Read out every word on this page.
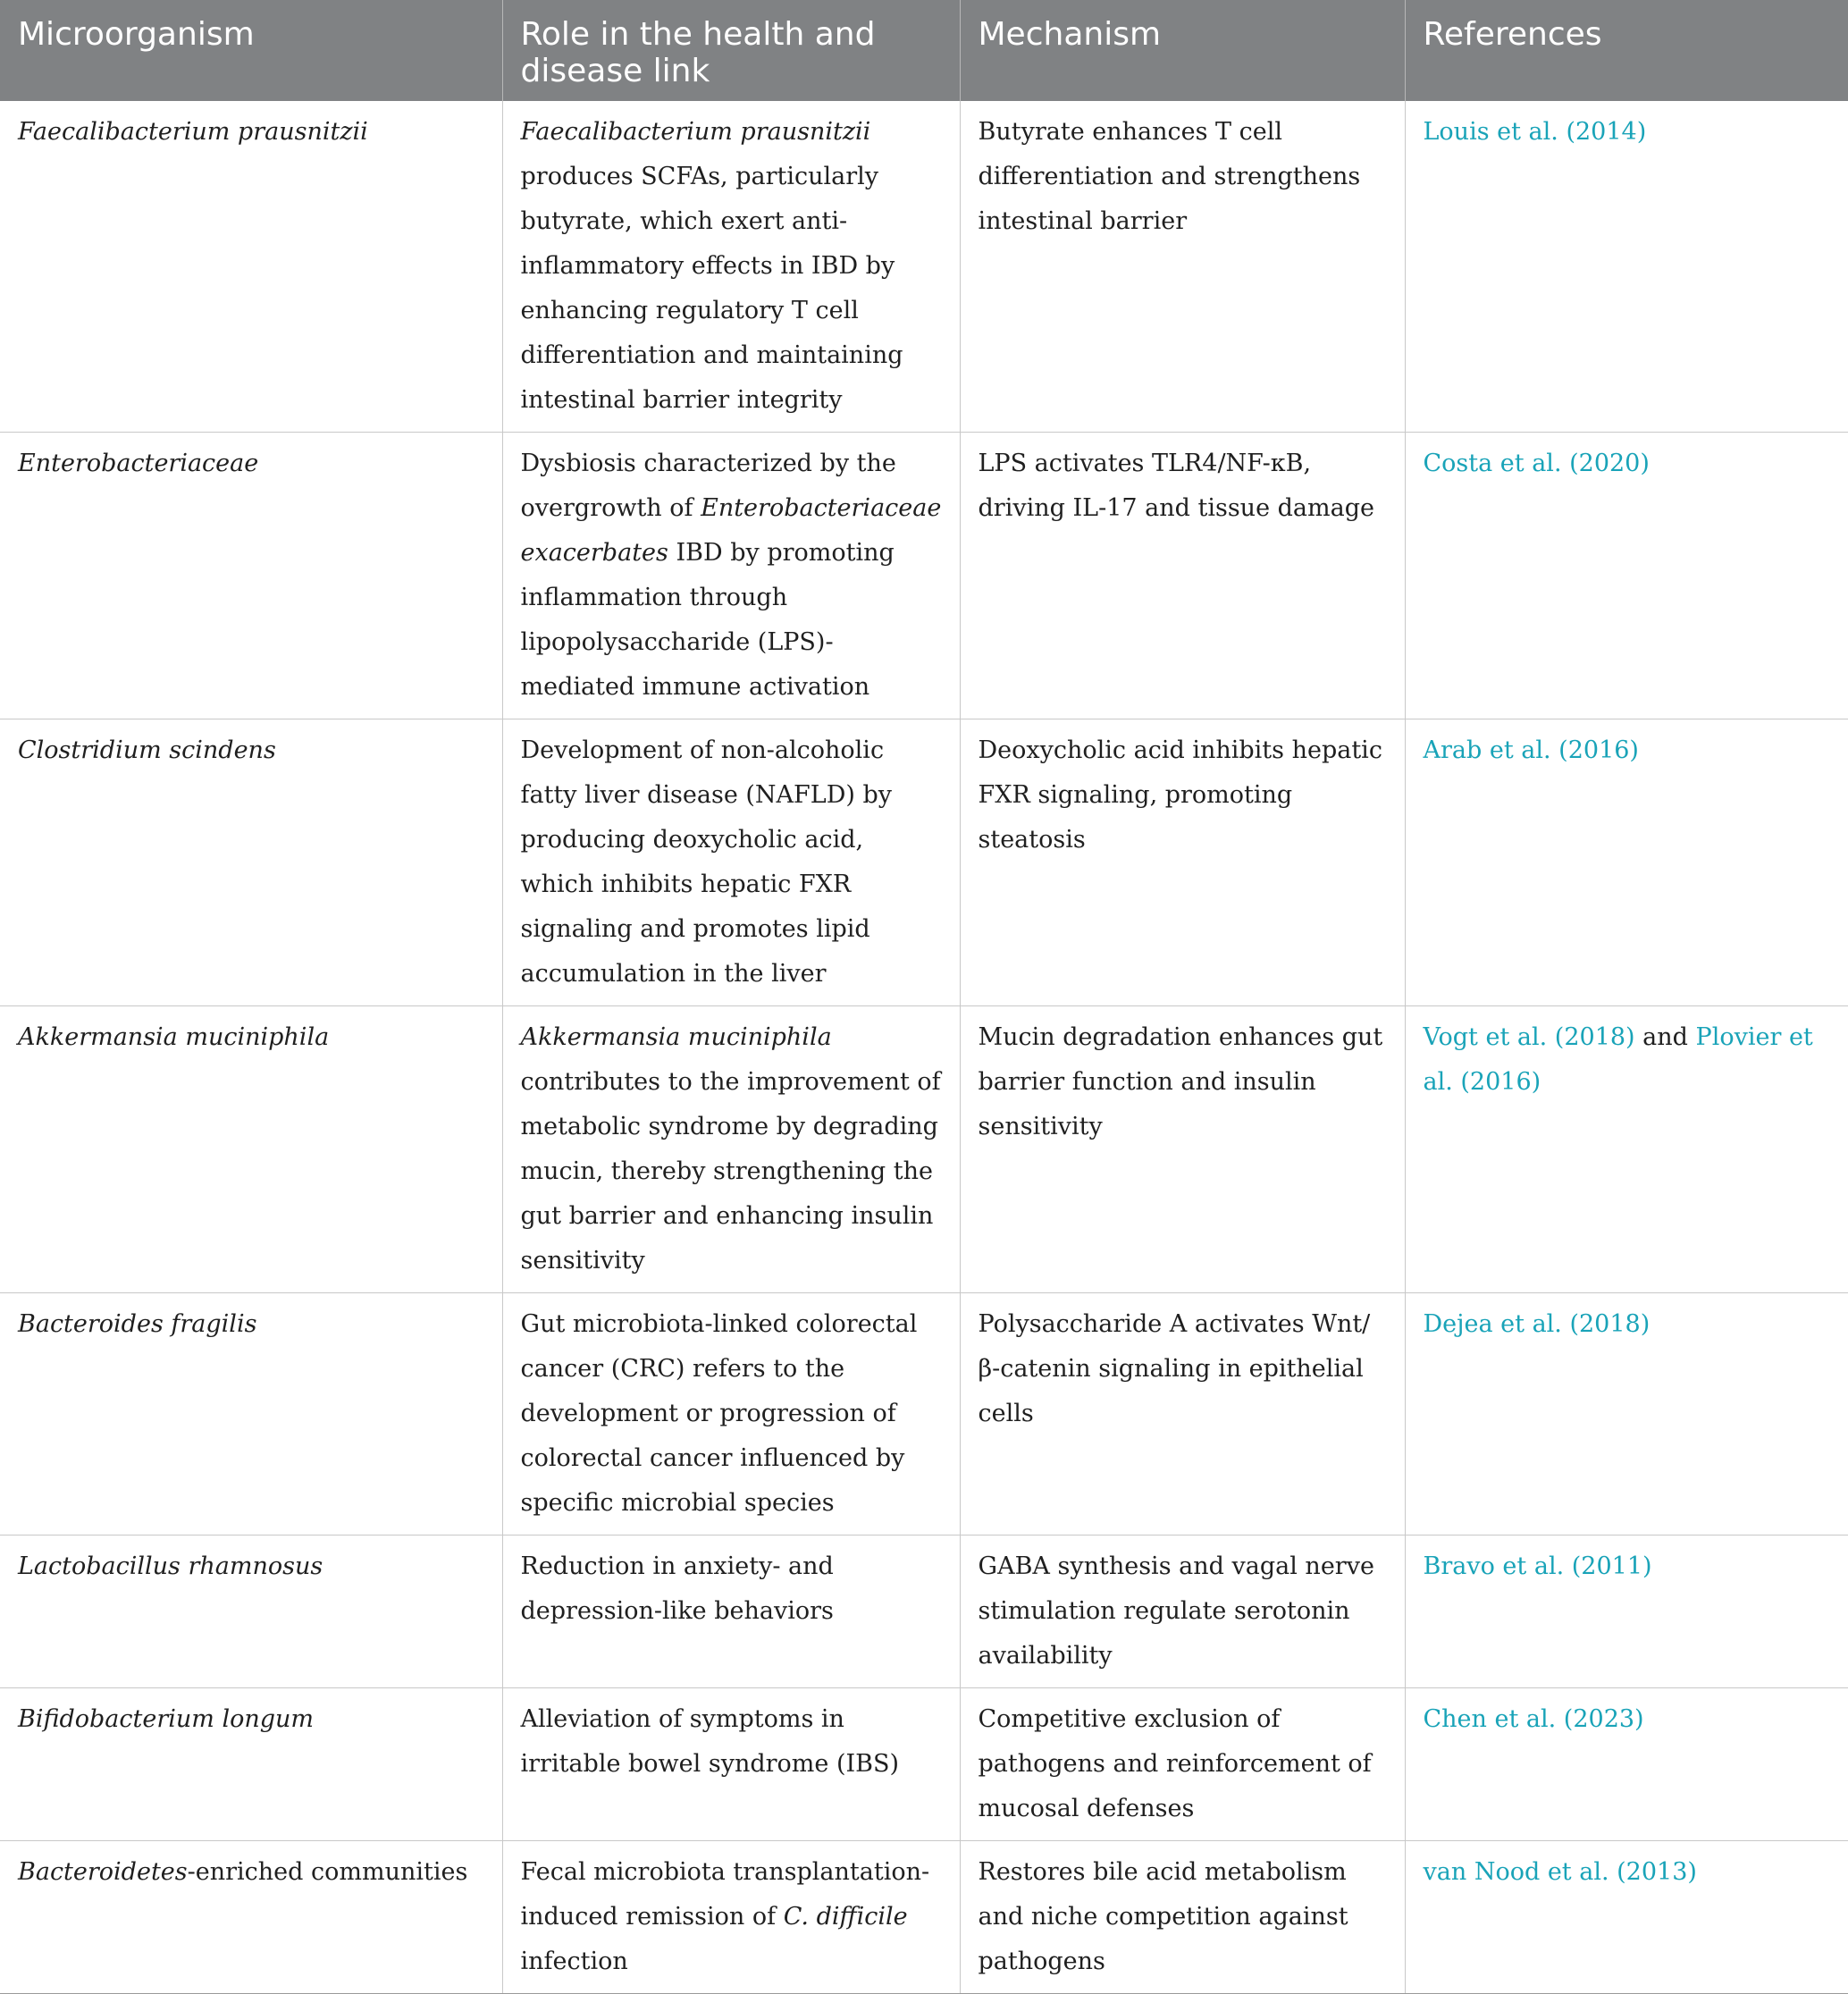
Microorganism	Role in the health and disease link	Mechanism	References
Faecalibacterium prausnitzii	Faecalibacterium prausnitzii produces SCFAs, particularly butyrate, which exert anti-inflammatory effects in IBD by enhancing regulatory T cell differentiation and maintaining intestinal barrier integrity	Butyrate enhances T cell differentiation and strengthens intestinal barrier	Louis et al. (2014)
Enterobacteriaceae	Dysbiosis characterized by the overgrowth of Enterobacteriaceae exacerbates IBD by promoting inflammation through lipopolysaccharide (LPS)-mediated immune activation	LPS activates TLR4/NF-κB, driving IL-17 and tissue damage	Costa et al. (2020)
Clostridium scindens	Development of non-alcoholic fatty liver disease (NAFLD) by producing deoxycholic acid, which inhibits hepatic FXR signaling and promotes lipid accumulation in the liver	Deoxycholic acid inhibits hepatic FXR signaling, promoting steatosis	Arab et al. (2016)
Akkermansia muciniphila	Akkermansia muciniphila contributes to the improvement of metabolic syndrome by degrading mucin, thereby strengthening the gut barrier and enhancing insulin sensitivity	Mucin degradation enhances gut barrier function and insulin sensitivity	Vogt et al. (2018) and Plovier et al. (2016)
Bacteroides fragilis	Gut microbiota-linked colorectal cancer (CRC) refers to the development or progression of colorectal cancer influenced by specific microbial species	Polysaccharide A activates Wnt/β-catenin signaling in epithelial cells	Dejea et al. (2018)
Lactobacillus rhamnosus	Reduction in anxiety- and depression-like behaviors	GABA synthesis and vagal nerve stimulation regulate serotonin availability	Bravo et al. (2011)
Bifidobacterium longum	Alleviation of symptoms in irritable bowel syndrome (IBS)	Competitive exclusion of pathogens and reinforcement of mucosal defenses	Chen et al. (2023)
Bacteroidetes-enriched communities	Fecal microbiota transplantation-induced remission of C. difficile infection	Restores bile acid metabolism and niche competition against pathogens	van Nood et al. (2013)
